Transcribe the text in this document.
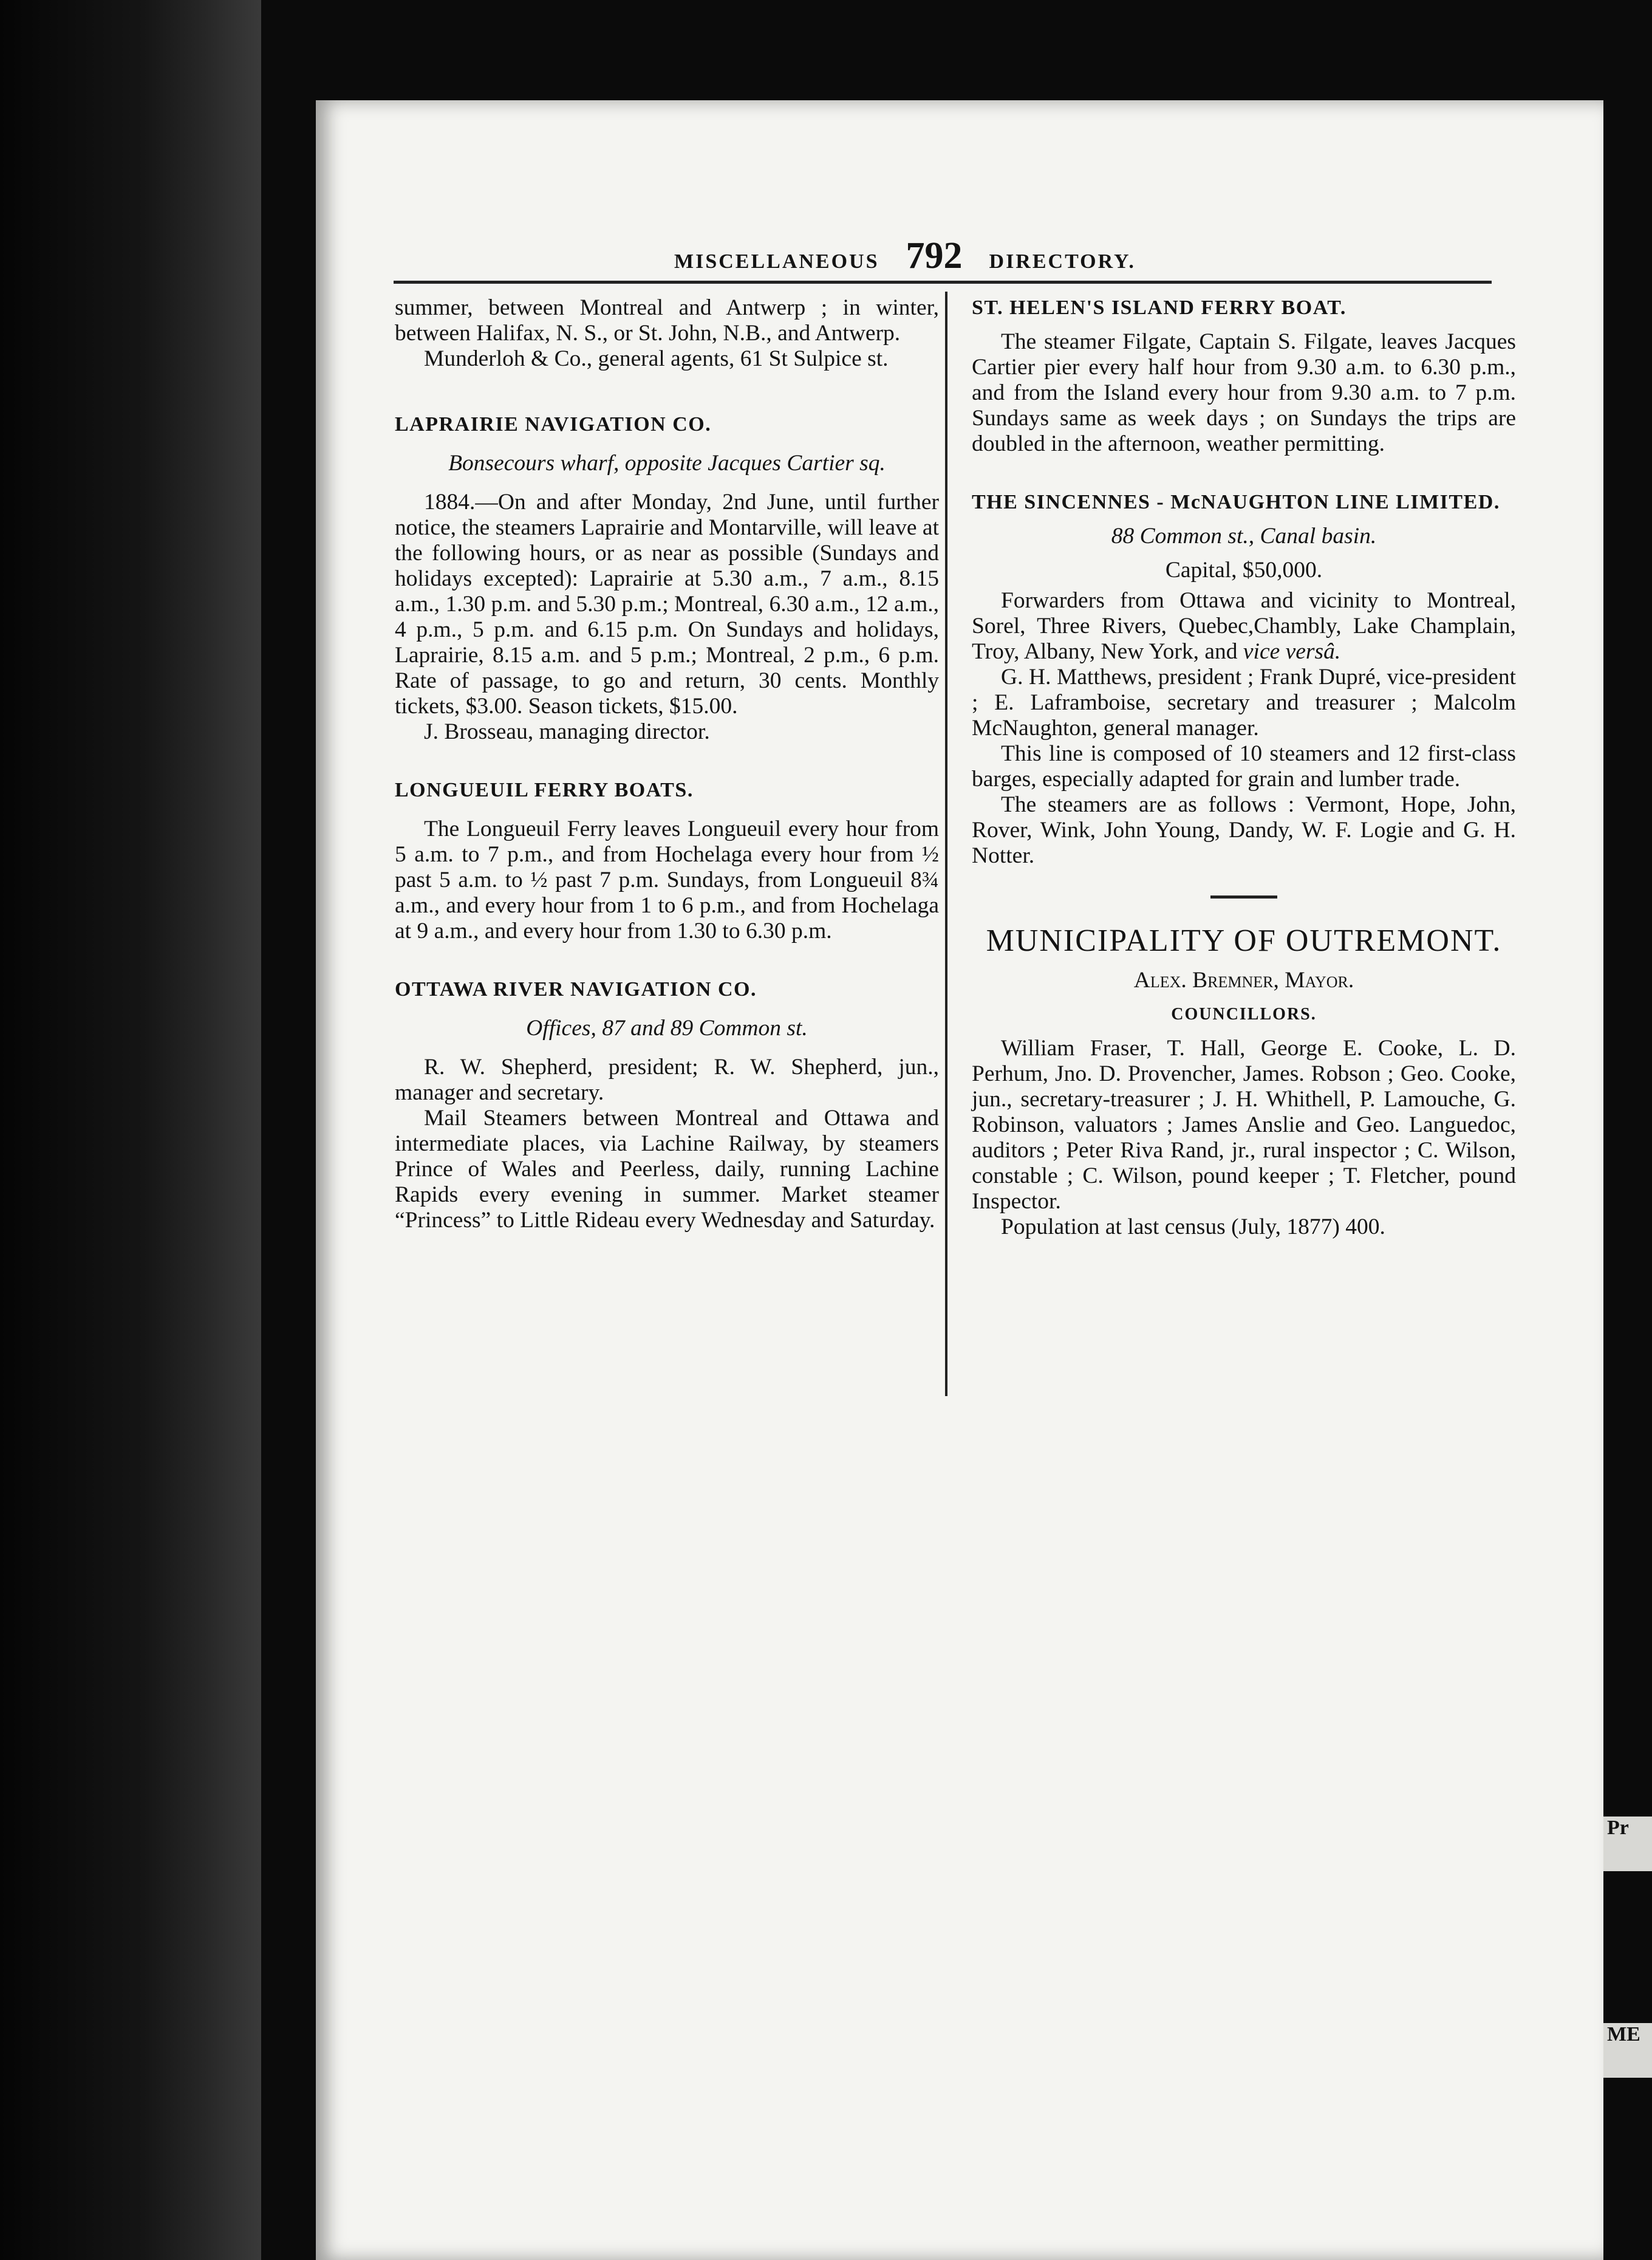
Pr
ME
MISCELLANEOUS 792 DIRECTORY.

summer, between Montreal and Antwerp ; in winter, between Halifax, N. S., or St. John, N.B., and Antwerp.

Munderloh & Co., general agents, 61 St Sulpice st.

LAPRAIRIE NAVIGATION CO.

Bonsecours wharf, opposite Jacques Cartier sq.

1884.—On and after Monday, 2nd June, until further notice, the steamers Laprairie and Montarville, will leave at the following hours, or as near as possible (Sundays and holidays excepted): Laprairie at 5.30 a.m., 7 a.m., 8.15 a.m., 1.30 p.m. and 5.30 p.m.; Montreal, 6.30 a.m., 12 a.m., 4 p.m., 5 p.m. and 6.15 p.m. On Sundays and holidays, Laprairie, 8.15 a.m. and 5 p.m.; Montreal, 2 p.m., 6 p.m. Rate of passage, to go and return, 30 cents. Monthly tickets, $3.00. Season tickets, $15.00.

J. Brosseau, managing director.

LONGUEUIL FERRY BOATS.

The Longueuil Ferry leaves Longueuil every hour from 5 a.m. to 7 p.m., and from Hochelaga every hour from ½ past 5 a.m. to ½ past 7 p.m. Sundays, from Longueuil 8¾ a.m., and every hour from 1 to 6 p.m., and from Hochelaga at 9 a.m., and every hour from 1.30 to 6.30 p.m.

OTTAWA RIVER NAVIGATION CO.

Offices, 87 and 89 Common st.

R. W. Shepherd, president; R. W. Shepherd, jun., manager and secretary.

Mail Steamers between Montreal and Ottawa and intermediate places, via Lachine Railway, by steamers Prince of Wales and Peerless, daily, running Lachine Rapids every evening in summer. Market steamer “Princess” to Little Rideau every Wednesday and Saturday.

ST. HELEN'S ISLAND FERRY BOAT.

The steamer Filgate, Captain S. Filgate, leaves Jacques Cartier pier every half hour from 9.30 a.m. to 6.30 p.m., and from the Island every hour from 9.30 a.m. to 7 p.m. Sundays same as week days ; on Sundays the trips are doubled in the afternoon, weather permitting.

THE SINCENNES - McNAUGHTON LINE LIMITED.

88 Common st., Canal basin.

Capital, $50,000.

Forwarders from Ottawa and vicinity to Montreal, Sorel, Three Rivers, Quebec,Chambly, Lake Champlain, Troy, Albany, New York, and vice versâ.

G. H. Matthews, president ; Frank Dupré, vice-president ; E. Laframboise, secretary and treasurer ; Malcolm McNaughton, general manager.

This line is composed of 10 steamers and 12 first-class barges, especially adapted for grain and lumber trade.

The steamers are as follows : Vermont, Hope, John, Rover, Wink, John Young, Dandy, W. F. Logie and G. H. Notter.

MUNICIPALITY OF OUTREMONT.

Alex. Bremner, Mayor.

COUNCILLORS.

William Fraser, T. Hall, George E. Cooke, L. D. Perhum, Jno. D. Provencher, James. Robson ; Geo. Cooke, jun., secretary-treasurer ; J. H. Whithell, P. Lamouche, G. Robinson, valuators ; James Anslie and Geo. Languedoc, auditors ; Peter Riva Rand, jr., rural inspector ; C. Wilson, constable ; C. Wilson, pound keeper ; T. Fletcher, pound Inspector.

Population at last census (July, 1877) 400.
